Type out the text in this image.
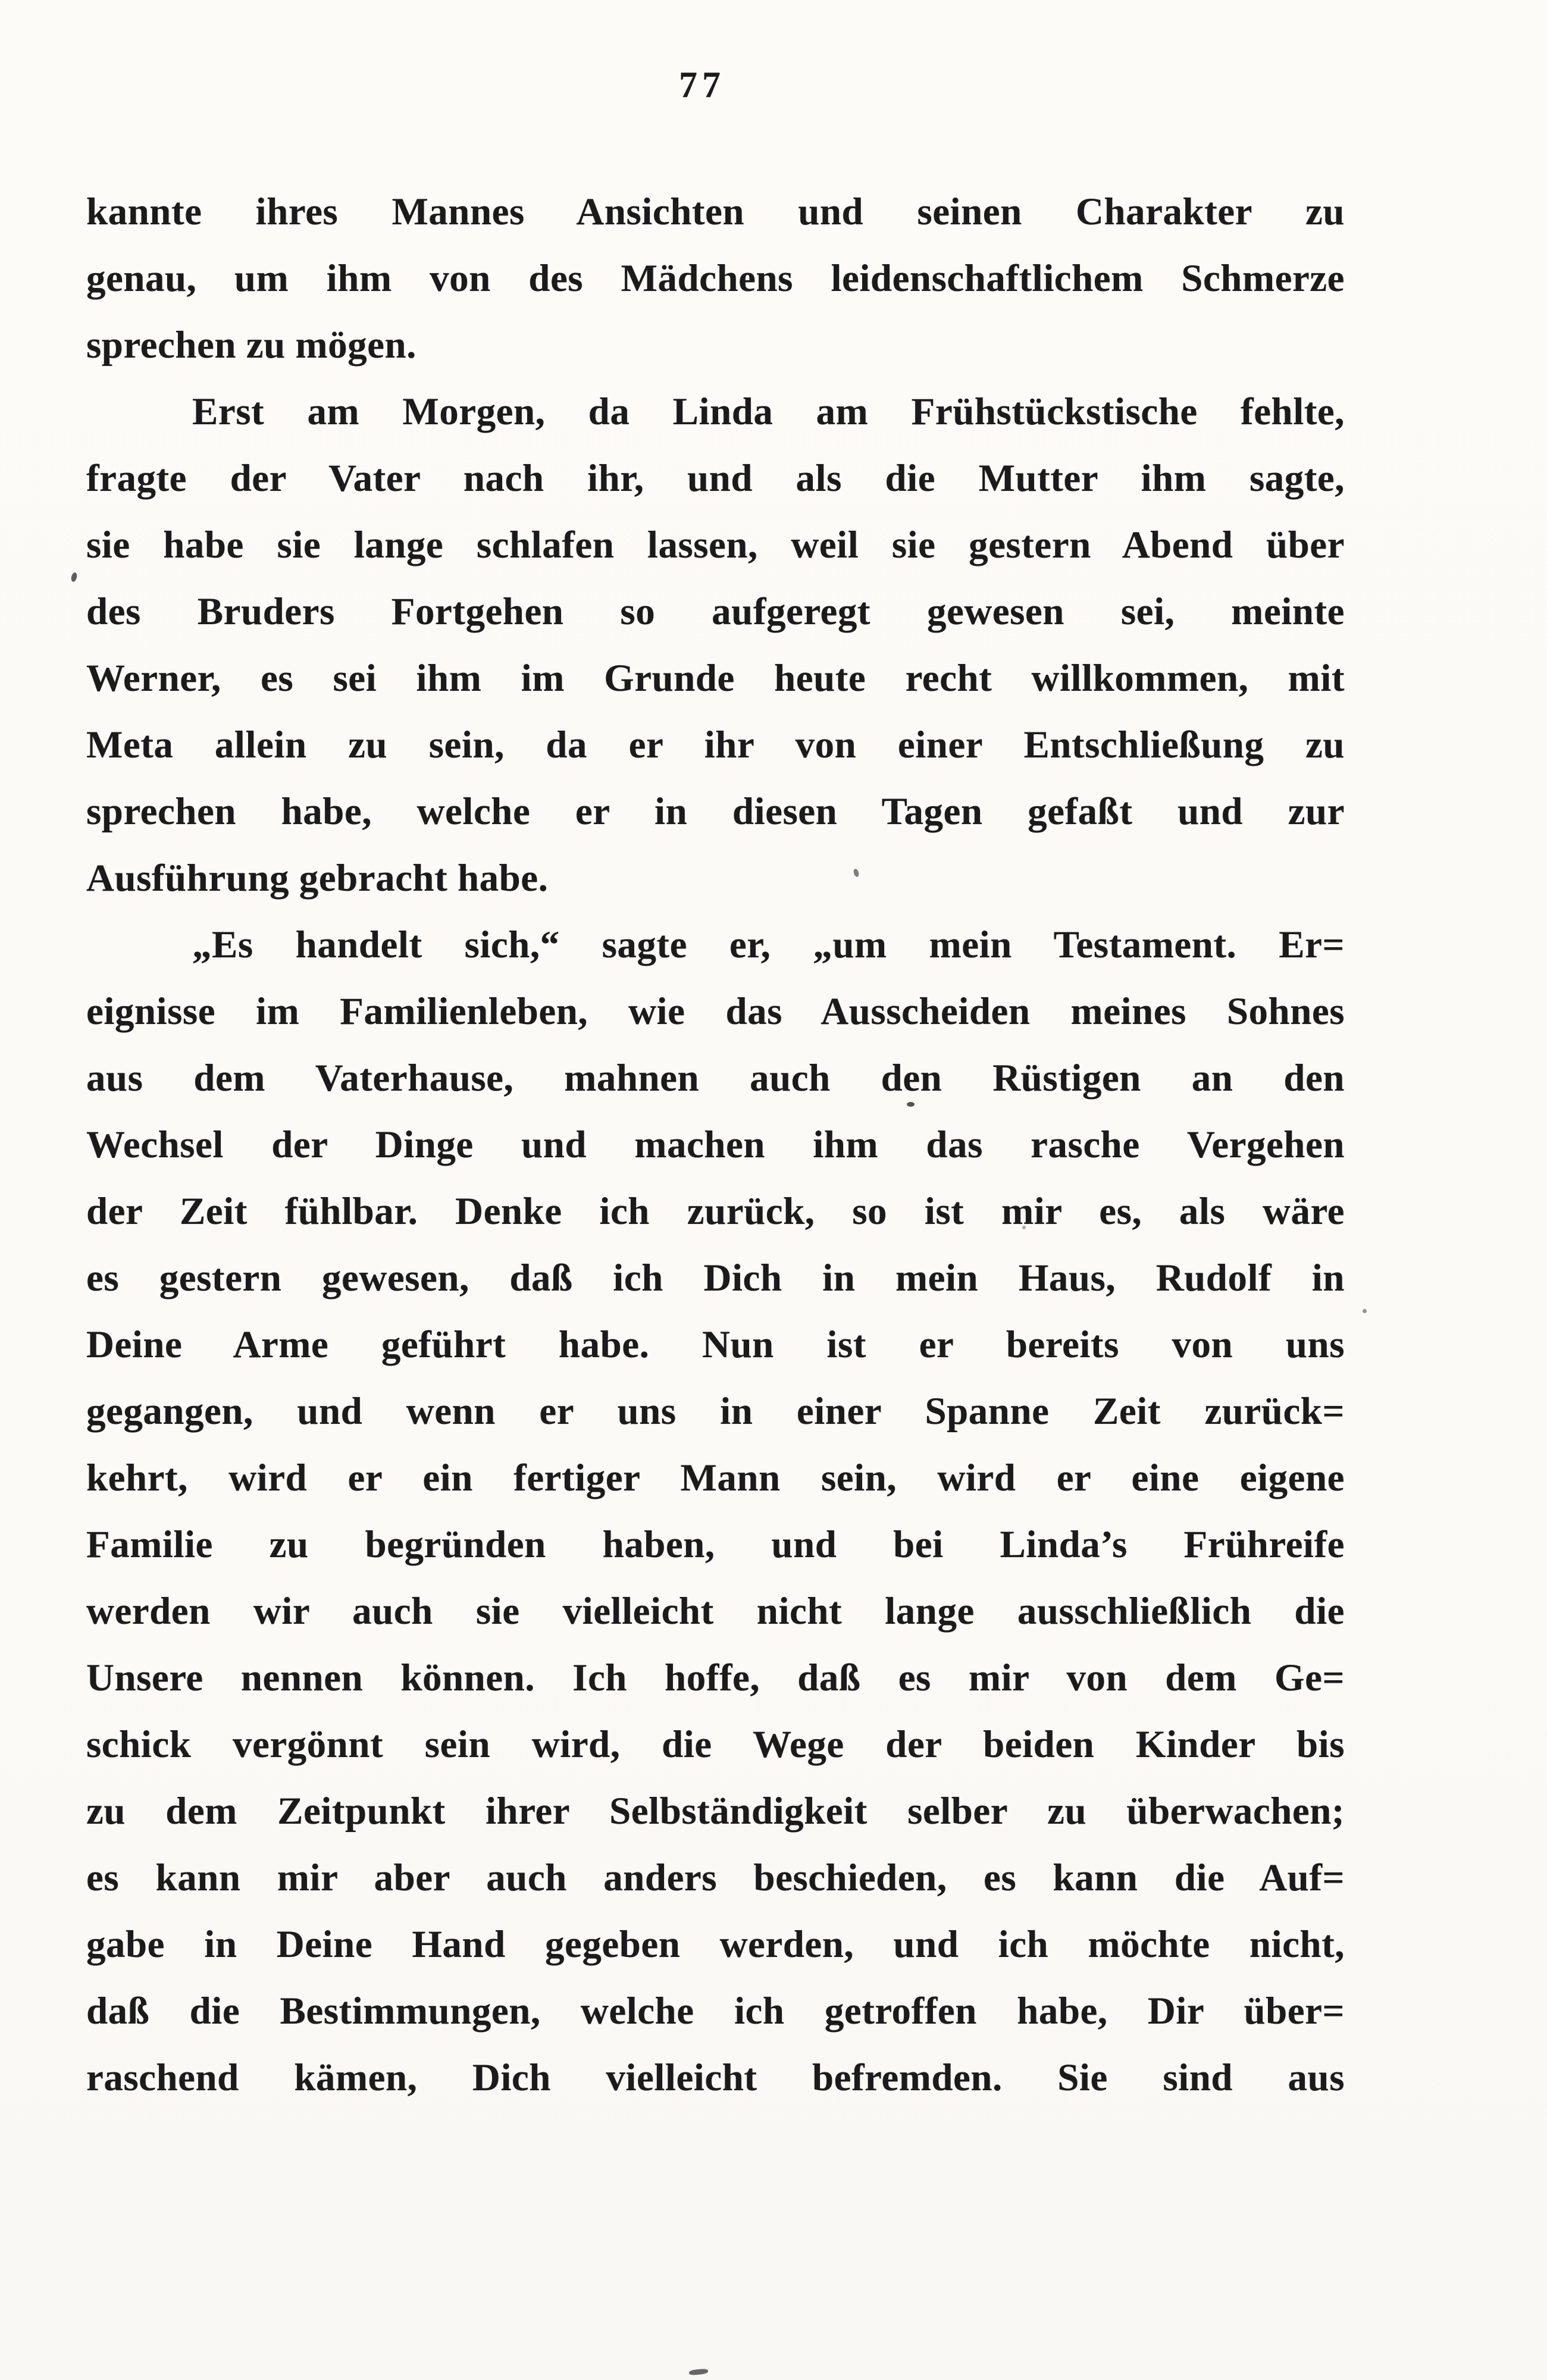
77
kannte ihres Mannes Ansichten und seinen Charakter zu
genau, um ihm von des Mädchens leidenschaftlichem Schmerze
sprechen zu mögen.
Erst am Morgen, da Linda am Frühstückstische fehlte,
fragte der Vater nach ihr, und als die Mutter ihm sagte,
sie habe sie lange schlafen lassen, weil sie gestern Abend über
des Bruders Fortgehen so aufgeregt gewesen sei, meinte
Werner, es sei ihm im Grunde heute recht willkommen, mit
Meta allein zu sein, da er ihr von einer Entschließung zu
sprechen habe, welche er in diesen Tagen gefaßt und zur
Ausführung gebracht habe.
„Es handelt sich,“ sagte er, „um mein Testament. Er=
eignisse im Familienleben, wie das Ausscheiden meines Sohnes
aus dem Vaterhause, mahnen auch den Rüstigen an den
Wechsel der Dinge und machen ihm das rasche Vergehen
der Zeit fühlbar. Denke ich zurück, so ist mir es, als wäre
es gestern gewesen, daß ich Dich in mein Haus, Rudolf in
Deine Arme geführt habe. Nun ist er bereits von uns
gegangen, und wenn er uns in einer Spanne Zeit zurück=
kehrt, wird er ein fertiger Mann sein, wird er eine eigene
Familie zu begründen haben, und bei Linda’s Frühreife
werden wir auch sie vielleicht nicht lange ausschließlich die
Unsere nennen können. Ich hoffe, daß es mir von dem Ge=
schick vergönnt sein wird, die Wege der beiden Kinder bis
zu dem Zeitpunkt ihrer Selbständigkeit selber zu überwachen;
es kann mir aber auch anders beschieden, es kann die Auf=
gabe in Deine Hand gegeben werden, und ich möchte nicht,
daß die Bestimmungen, welche ich getroffen habe, Dir über=
raschend kämen, Dich vielleicht befremden. Sie sind aus
